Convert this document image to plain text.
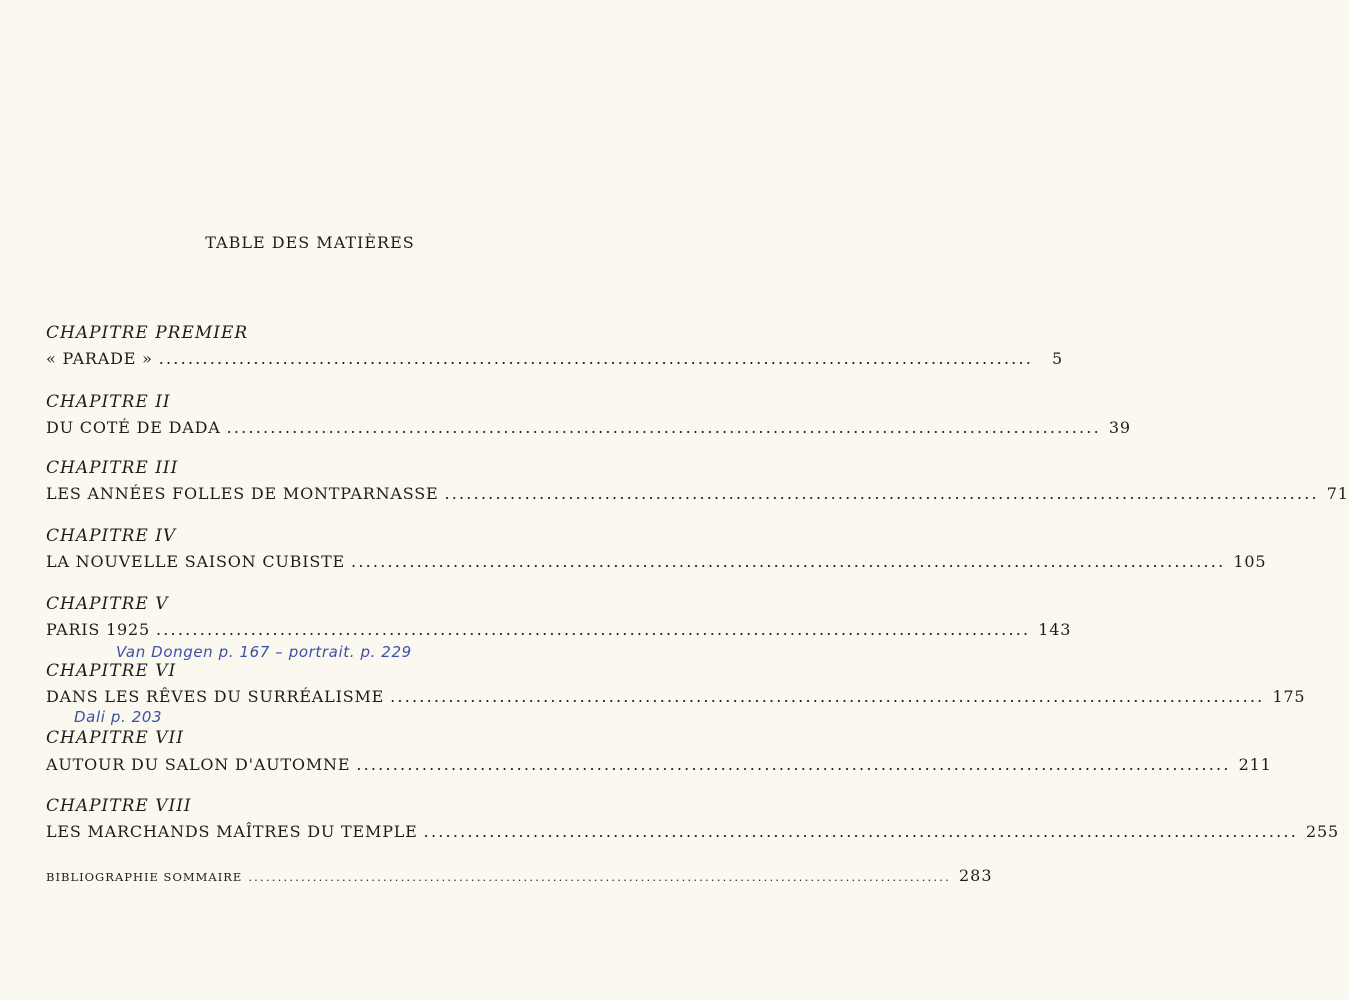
TABLE DES MATIÈRES
CHAPITRE PREMIER
« PARADE » ........................................................................................................................	5
CHAPITRE II
DU COTÉ DE DADA ........................................................................................................................ 39
CHAPITRE III
LES ANNÉES FOLLES DE MONTPARNASSE ........................................................................................................................ 71
CHAPITRE IV
LA NOUVELLE SAISON CUBISTE ........................................................................................................................ 105
CHAPITRE V
PARIS 1925 ........................................................................................................................ 143
Van Dongen p. 167 – portrait. p. 229
CHAPITRE VI
DANS LES RÊVES DU SURRÉALISME ........................................................................................................................ 175
Dali p. 203
CHAPITRE VII
AUTOUR DU SALON D'AUTOMNE ........................................................................................................................ 211
CHAPITRE VIII
LES MARCHANDS MAÎTRES DU TEMPLE ........................................................................................................................ 255
BIBLIOGRAPHIE SOMMAIRE ........................................................................................................................ 283
